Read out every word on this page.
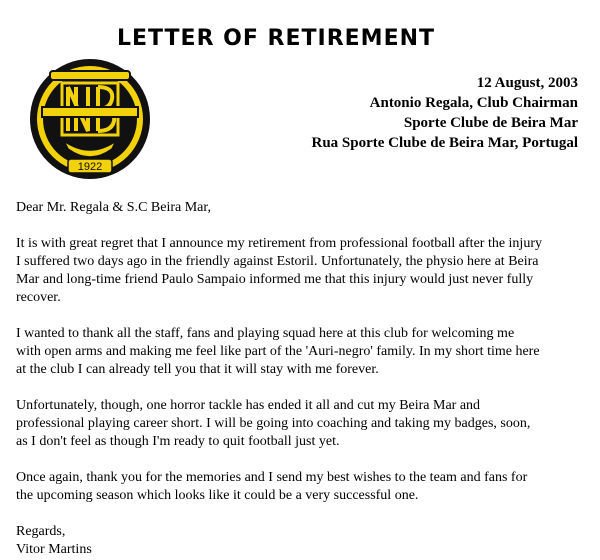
LETTER OF RETIREMENT
1922
12 August, 2003
Antonio Regala, Club Chairman
Sporte Clube de Beira Mar
Rua Sporte Clube de Beira Mar, Portugal

Dear Mr. Regala & S.C Beira Mar,

It is with great regret that I announce my retirement from professional football after the injury
I suffered two days ago in the friendly against Estoril. Unfortunately, the physio here at Beira
Mar and long-time friend Paulo Sampaio informed me that this injury would just never fully
recover.

I wanted to thank all the staff, fans and playing squad here at this club for welcoming me
with open arms and making me feel like part of the 'Auri-negro' family. In my short time here
at the club I can already tell you that it will stay with me forever.

Unfortunately, though, one horror tackle has ended it all and cut my Beira Mar and
professional playing career short. I will be going into coaching and taking my badges, soon,
as I don't feel as though I'm ready to quit football just yet.

Once again, thank you for the memories and I send my best wishes to the team and fans for
the upcoming season which looks like it could be a very successful one.

Regards,
Vitor Martins
